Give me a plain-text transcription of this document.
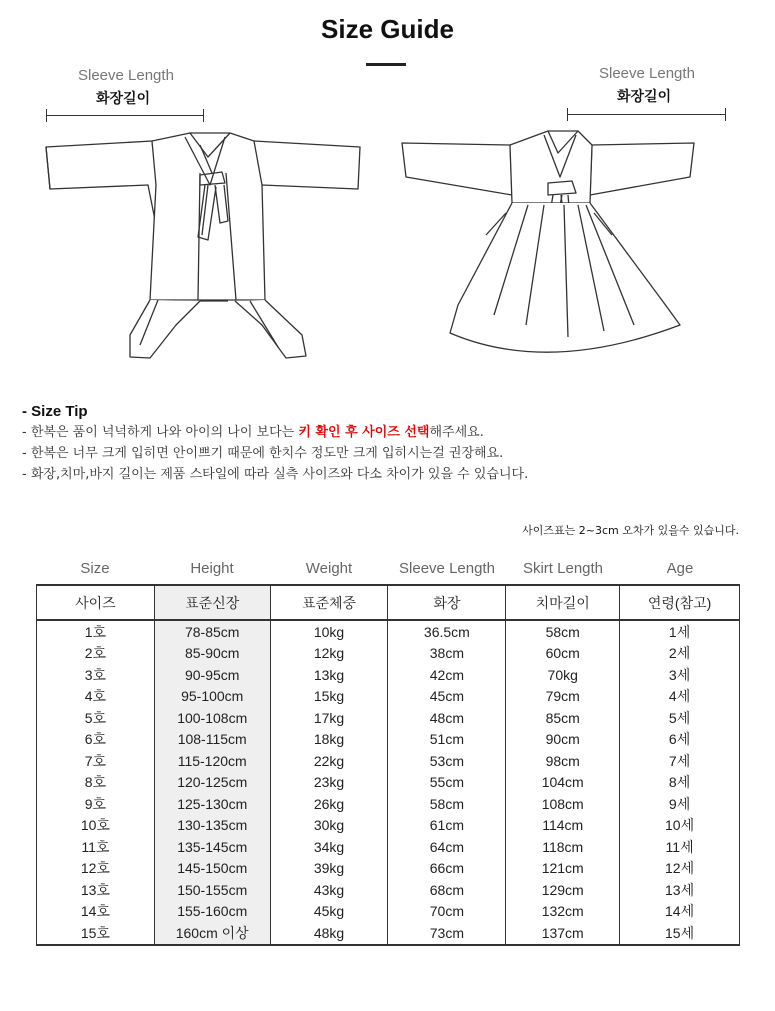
Size Guide
Sleeve Length
화장길이
Sleeve Length
화장길이
- Size Tip
- 한복은 품이 넉넉하게 나와 아이의 나이 보다는 키 확인 후 사이즈 선택해주세요.
- 한복은 너무 크게 입히면 안이쁘기 때문에 한치수 정도만 크게 입히시는걸 권장해요.
- 화장,치마,바지 길이는 제품 스타일에 따라 실측 사이즈와 다소 차이가 있을 수 있습니다.
사이즈표는 2~3cm 오차가 있을수 있습니다.
Size	Height	Weight	Sleeve Length	Skirt Length	Age
사이즈	표준신장	표준체중	화장	치마길이	연령(참고)
1호	78-85cm	10kg	36.5cm	58cm	1세
2호	85-90cm	12kg	38cm	60cm	2세
3호	90-95cm	13kg	42cm	70kg	3세
4호	95-100cm	15kg	45cm	79cm	4세
5호	100-108cm	17kg	48cm	85cm	5세
6호	108-115cm	18kg	51cm	90cm	6세
7호	115-120cm	22kg	53cm	98cm	7세
8호	120-125cm	23kg	55cm	104cm	8세
9호	125-130cm	26kg	58cm	108cm	9세
10호	130-135cm	30kg	61cm	114cm	10세
11호	135-145cm	34kg	64cm	118cm	11세
12호	145-150cm	39kg	66cm	121cm	12세
13호	150-155cm	43kg	68cm	129cm	13세
14호	155-160cm	45kg	70cm	132cm	14세
15호	160cm 이상	48kg	73cm	137cm	15세
